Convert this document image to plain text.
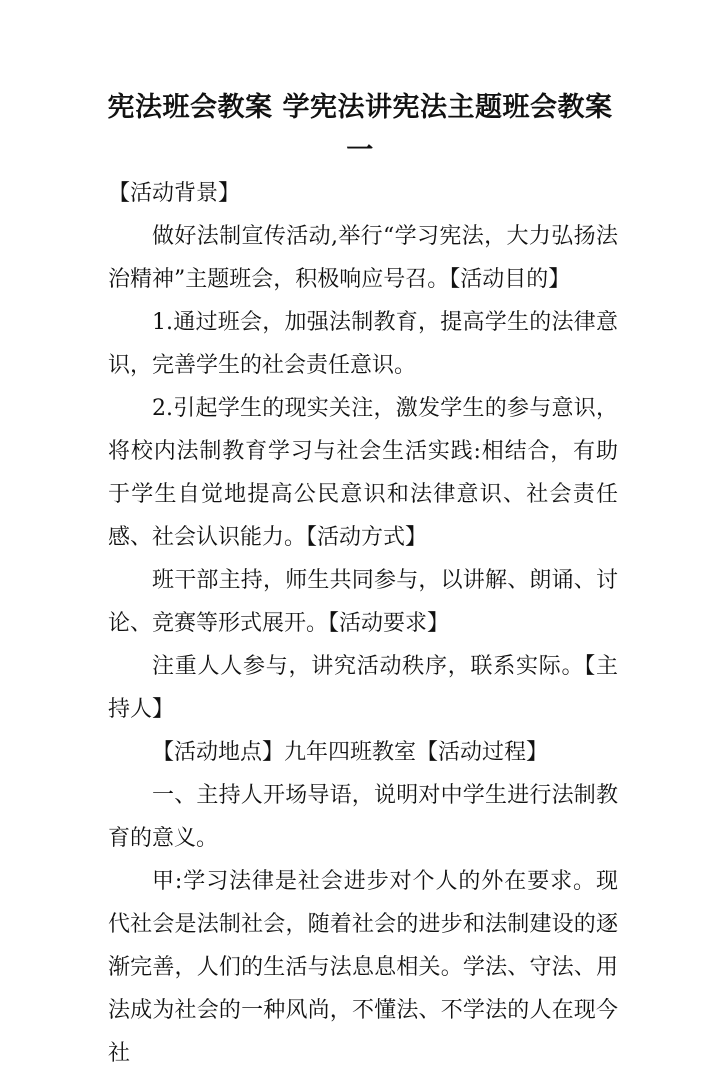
宪法班会教案 学宪法讲宪法主题班会教案
一

【活动背景】

做好法制宣传活动,举行“学习宪法，大力弘扬法治精神”主题班会，积极响应号召。【活动目的】

1.通过班会，加强法制教育，提高学生的法律意识，完善学生的社会责任意识。

2.引起学生的现实关注，激发学生的参与意识，将校内法制教育学习与社会生活实践:相结合，有助于学生自觉地提高公民意识和法律意识、社会责任感、社会认识能力。【活动方式】

班干部主持，师生共同参与，以讲解、朗诵、讨论、竞赛等形式展开。【活动要求】

注重人人参与，讲究活动秩序，联系实际。【主持人】

【活动地点】九年四班教室【活动过程】

一、主持人开场导语，说明对中学生进行法制教育的意义。

甲:学习法律是社会进步对个人的外在要求。现代社会是法制社会，随着社会的进步和法制建设的逐渐完善，人们的生活与法息息相关。学法、守法、用法成为社会的一种风尚，不懂法、不学法的人在现今社
